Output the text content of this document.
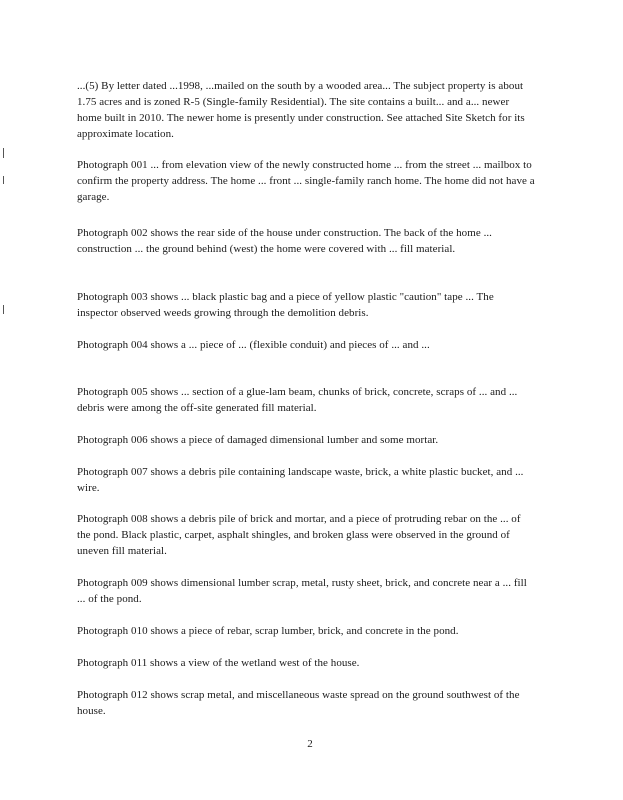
...(5) By letter dated ...1998, ...mailed on the south by a wooded area... The subject property is about 1.75 acres and is zoned R-5 (Single-family Residential). The site contains a built... and a... newer home built in 2010. The newer home is presently under construction. See attached Site Sketch for its approximate location.

Photograph 001 ... from elevation view of the newly constructed home ... from the street ... mailbox to confirm the property address. The home ... front ... single-family ranch home. The home did not have a garage.

Photograph 002 shows the rear side of the house under construction. The back of the home ... construction ... the ground behind (west) the home were covered with ... fill material.

Photograph 003 shows ... black plastic bag and a piece of yellow plastic "caution" tape ... The inspector observed weeds growing through the demolition debris.

Photograph 004 shows a ... piece of ... (flexible conduit) and pieces of ... and ...

Photograph 005 shows ... section of a glue-lam beam, chunks of brick, concrete, scraps of ... and ... debris were among the off-site generated fill material.

Photograph 006 shows a piece of damaged dimensional lumber and some mortar.

Photograph 007 shows a debris pile containing landscape waste, brick, a white plastic bucket, and ... wire.

Photograph 008 shows a debris pile of brick and mortar, and a piece of protruding rebar on the ... of the pond. Black plastic, carpet, asphalt shingles, and broken glass were observed in the ground of uneven fill material.

Photograph 009 shows dimensional lumber scrap, metal, rusty sheet, brick, and concrete near a ... fill ... of the pond.

Photograph 010 shows a piece of rebar, scrap lumber, brick, and concrete in the pond.

Photograph 011 shows a view of the wetland west of the house.

Photograph 012 shows scrap metal, and miscellaneous waste spread on the ground southwest of the house.

2
